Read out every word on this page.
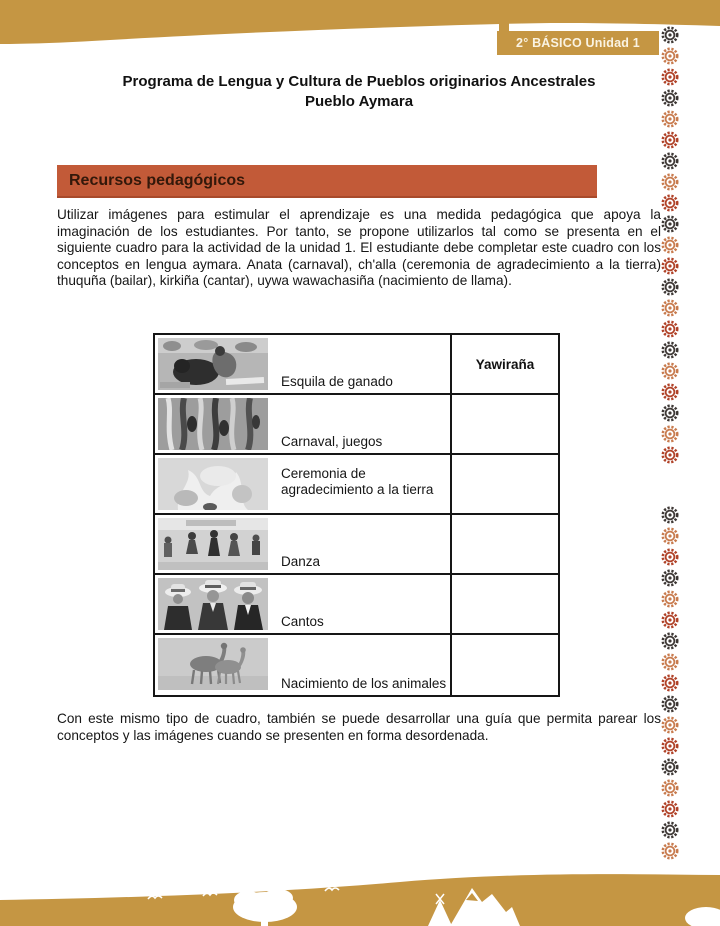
2° BÁSICO Unidad 1
Programa de Lengua y Cultura de Pueblos originarios Ancestrales
Pueblo Aymara
Recursos pedagógicos
Utilizar imágenes para estimular el aprendizaje es una medida pedagógica que apoya la imaginación de los estudiantes. Por tanto, se propone utilizarlos tal como se presenta en el siguiente cuadro para la actividad de la unidad 1. El estudiante debe completar este cuadro con los conceptos en lengua aymara. Anata (carnaval), ch'alla (ceremonia de agradecimiento a la tierra) thuquña (bailar), kirkiña (cantar), uywa wawachasiña (nacimiento de llama).
Esquila de ganado
Yawiraña
Carnaval, juegos
Ceremonia de agradecimiento a la tierra
Danza
Cantos
Nacimiento de los animales
Con este mismo tipo de cuadro, también se puede desarrollar una guía que permita parear los conceptos y las imágenes cuando se presenten en forma desordenada.
